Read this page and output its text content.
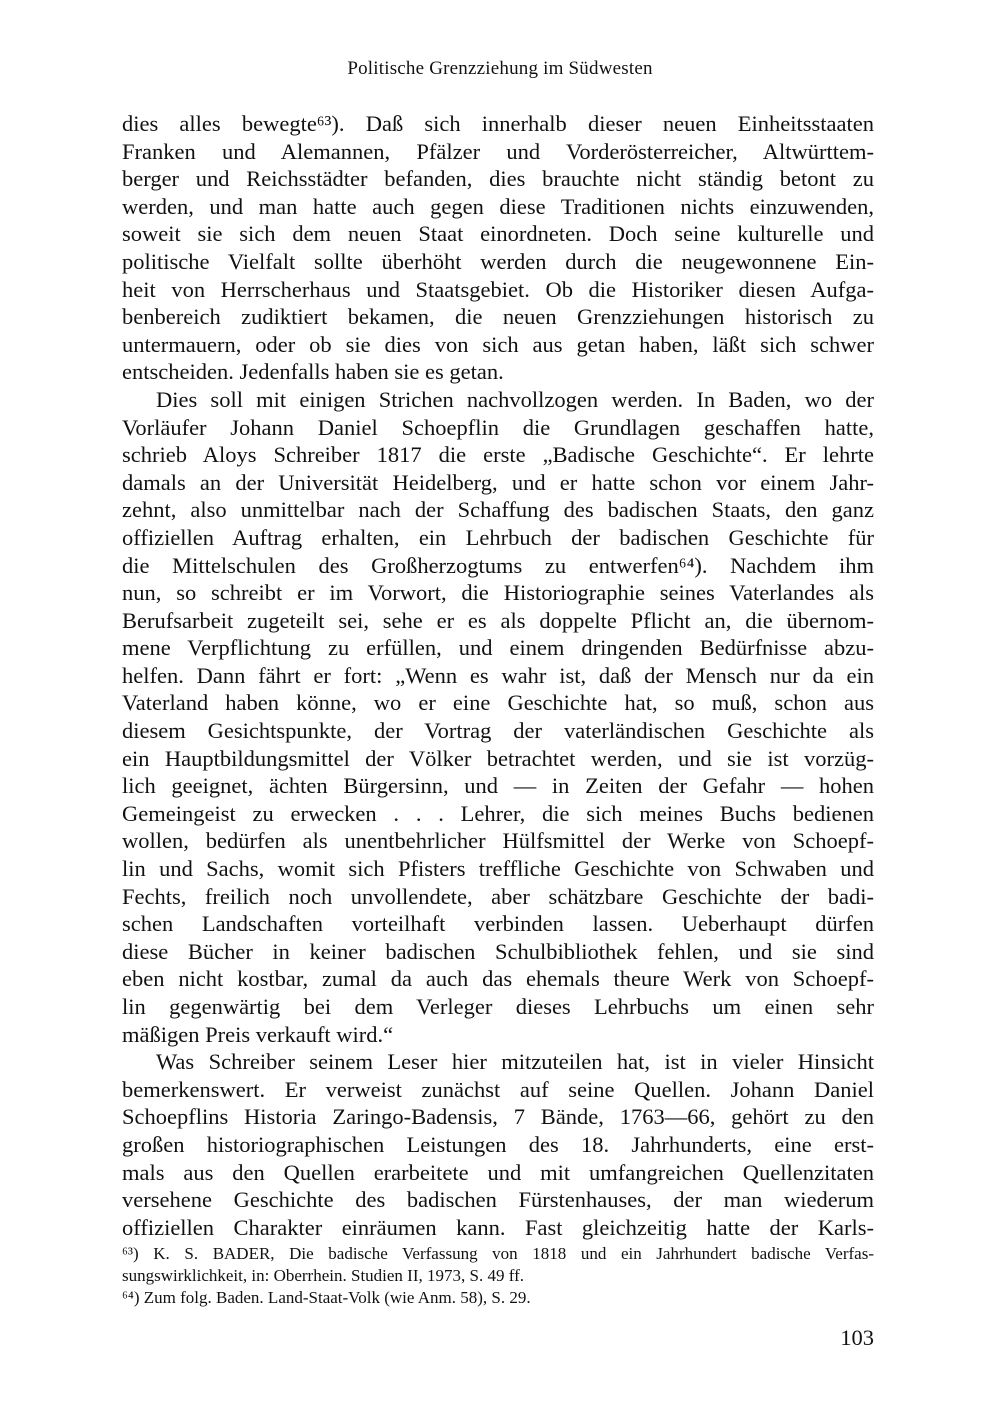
Politische Grenzziehung im Südwesten
dies alles bewegte⁶³). Daß sich innerhalb dieser neuen Einheitsstaaten
Franken und Alemannen, Pfälzer und Vorderösterreicher, Altwürttem-
berger und Reichsstädter befanden, dies brauchte nicht ständig betont zu
werden, und man hatte auch gegen diese Traditionen nichts einzuwenden,
soweit sie sich dem neuen Staat einordneten. Doch seine kulturelle und
politische Vielfalt sollte überhöht werden durch die neugewonnene Ein-
heit von Herrscherhaus und Staatsgebiet. Ob die Historiker diesen Aufga-
benbereich zudiktiert bekamen, die neuen Grenzziehungen historisch zu
untermauern, oder ob sie dies von sich aus getan haben, läßt sich schwer
entscheiden. Jedenfalls haben sie es getan.
Dies soll mit einigen Strichen nachvollzogen werden. In Baden, wo der
Vorläufer Johann Daniel Schoepflin die Grundlagen geschaffen hatte,
schrieb Aloys Schreiber 1817 die erste „Badische Geschichte“. Er lehrte
damals an der Universität Heidelberg, und er hatte schon vor einem Jahr-
zehnt, also unmittelbar nach der Schaffung des badischen Staats, den ganz
offiziellen Auftrag erhalten, ein Lehrbuch der badischen Geschichte für
die Mittelschulen des Großherzogtums zu entwerfen⁶⁴). Nachdem ihm
nun, so schreibt er im Vorwort, die Historiographie seines Vaterlandes als
Berufsarbeit zugeteilt sei, sehe er es als doppelte Pflicht an, die übernom-
mene Verpflichtung zu erfüllen, und einem dringenden Bedürfnisse abzu-
helfen. Dann fährt er fort: „Wenn es wahr ist, daß der Mensch nur da ein
Vaterland haben könne, wo er eine Geschichte hat, so muß, schon aus
diesem Gesichtspunkte, der Vortrag der vaterländischen Geschichte als
ein Hauptbildungsmittel der Völker betrachtet werden, und sie ist vorzüg-
lich geeignet, ächten Bürgersinn, und — in Zeiten der Gefahr — hohen
Gemeingeist zu erwecken . . . Lehrer, die sich meines Buchs bedienen
wollen, bedürfen als unentbehrlicher Hülfsmittel der Werke von Schoepf-
lin und Sachs, womit sich Pfisters treffliche Geschichte von Schwaben und
Fechts, freilich noch unvollendete, aber schätzbare Geschichte der badi-
schen Landschaften vorteilhaft verbinden lassen. Ueberhaupt dürfen
diese Bücher in keiner badischen Schulbibliothek fehlen, und sie sind
eben nicht kostbar, zumal da auch das ehemals theure Werk von Schoepf-
lin gegenwärtig bei dem Verleger dieses Lehrbuchs um einen sehr
mäßigen Preis verkauft wird.“
Was Schreiber seinem Leser hier mitzuteilen hat, ist in vieler Hinsicht
bemerkenswert. Er verweist zunächst auf seine Quellen. Johann Daniel
Schoepflins Historia Zaringo-Badensis, 7 Bände, 1763—66, gehört zu den
großen historiographischen Leistungen des 18. Jahrhunderts, eine erst-
mals aus den Quellen erarbeitete und mit umfangreichen Quellenzitaten
versehene Geschichte des badischen Fürstenhauses, der man wiederum
offiziellen Charakter einräumen kann. Fast gleichzeitig hatte der Karls-
⁶³) K. S. BADER, Die badische Verfassung von 1818 und ein Jahrhundert badische Verfas-
sungswirklichkeit, in: Oberrhein. Studien II, 1973, S. 49 ff.
⁶⁴) Zum folg. Baden. Land-Staat-Volk (wie Anm. 58), S. 29.
103
